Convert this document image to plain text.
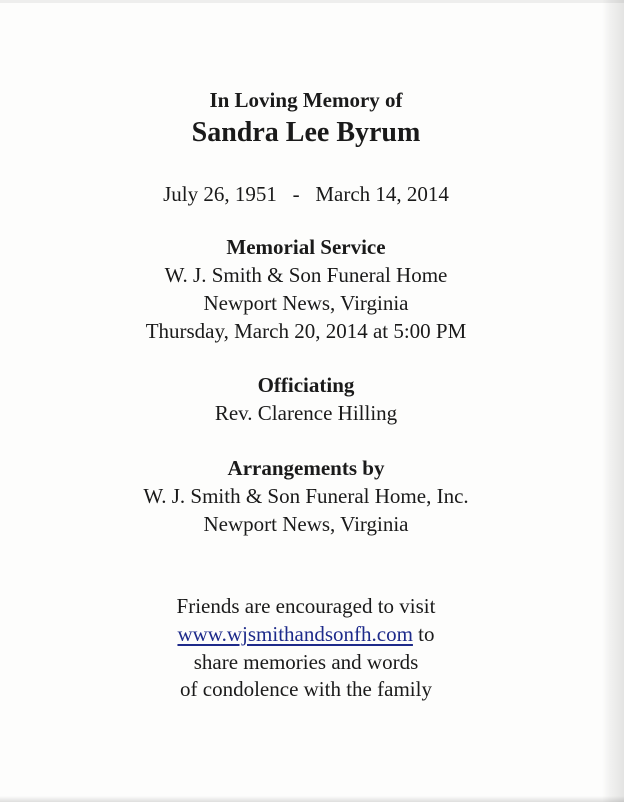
In Loving Memory of
Sandra Lee Byrum
July 26, 1951 - March 14, 2014
Memorial Service
W. J. Smith & Son Funeral Home
Newport News, Virginia
Thursday, March 20, 2014 at 5:00 PM
Officiating
Rev. Clarence Hilling
Arrangements by
W. J. Smith & Son Funeral Home, Inc.
Newport News, Virginia
Friends are encouraged to visit
www.wjsmithandsonfh.com to
share memories and words
of condolence with the family
